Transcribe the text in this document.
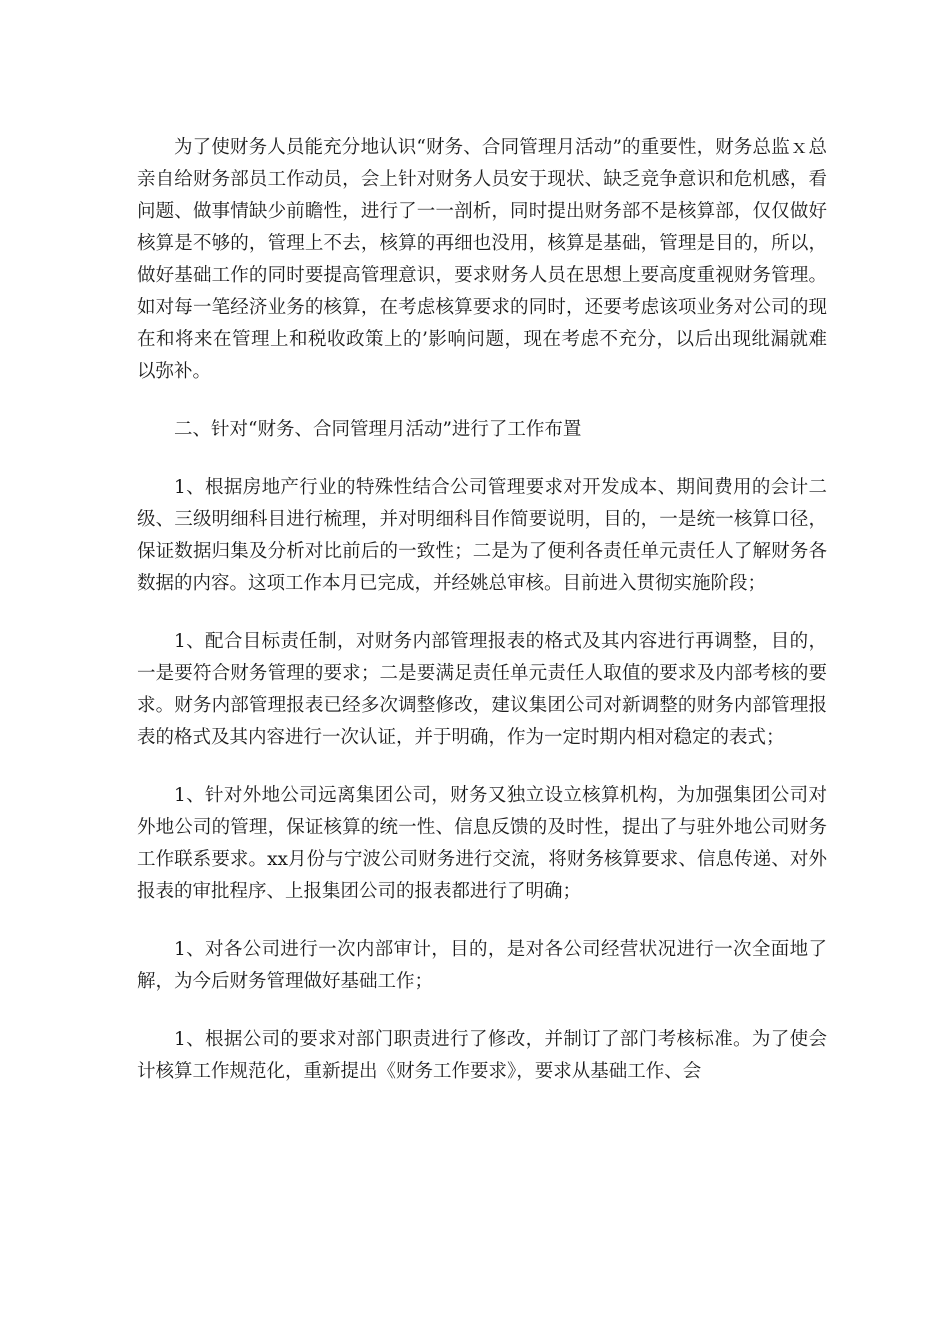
为了使财务人员能充分地认识“财务、合同管理月活动”的重要性，财务总监ｘ总亲自给财务部员工作动员，会上针对财务人员安于现状、缺乏竞争意识和危机感，看问题、做事情缺少前瞻性，进行了一一剖析，同时提出财务部不是核算部，仅仅做好核算是不够的，管理上不去，核算的再细也没用，核算是基础，管理是目的，所以，做好基础工作的同时要提高管理意识，要求财务人员在思想上要高度重视财务管理。如对每一笔经济业务的核算，在考虑核算要求的同时，还要考虑该项业务对公司的现在和将来在管理上和税收政策上的’影响问题，现在考虑不充分，以后出现纰漏就难以弥补。

二、针对“财务、合同管理月活动”进行了工作布置

1、根据房地产行业的特殊性结合公司管理要求对开发成本、期间费用的会计二级、三级明细科目进行梳理，并对明细科目作简要说明，目的，一是统一核算口径，保证数据归集及分析对比前后的一致性；二是为了便利各责任单元责任人了解财务各数据的内容。这项工作本月已完成，并经姚总审核。目前进入贯彻实施阶段；

1、配合目标责任制，对财务内部管理报表的格式及其内容进行再调整，目的，一是要符合财务管理的要求；二是要满足责任单元责任人取值的要求及内部考核的要求。财务内部管理报表已经多次调整修改，建议集团公司对新调整的财务内部管理报表的格式及其内容进行一次认证，并于明确，作为一定时期内相对稳定的表式；

1、针对外地公司远离集团公司，财务又独立设立核算机构，为加强集团公司对外地公司的管理，保证核算的统一性、信息反馈的及时性，提出了与驻外地公司财务工作联系要求。xx月份与宁波公司财务进行交流，将财务核算要求、信息传递、对外报表的审批程序、上报集团公司的报表都进行了明确；

1、对各公司进行一次内部审计，目的，是对各公司经营状况进行一次全面地了解，为今后财务管理做好基础工作；

1、根据公司的要求对部门职责进行了修改，并制订了部门考核标准。为了使会计核算工作规范化，重新提出《财务工作要求》，要求从基础工作、会
